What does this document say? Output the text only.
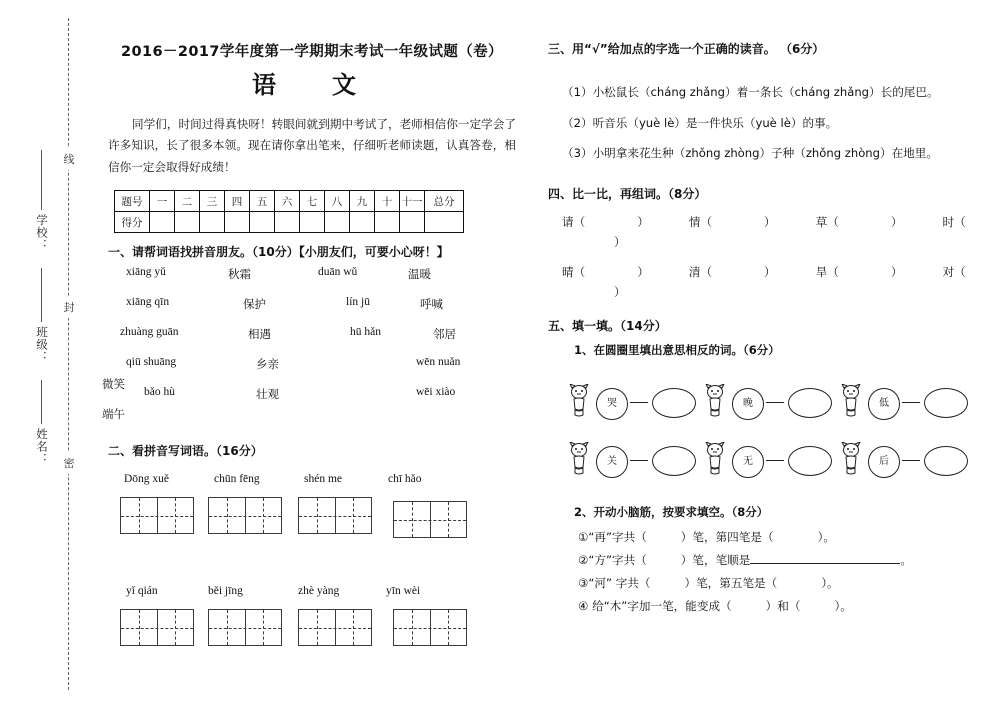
线
封
密
学校：
班级：
姓名：
2016－2017学年度第一学期期末考试一年级试题（卷）
语　文
同学们，时间过得真快呀！转眼间就到期中考试了，老师相信你一定学会了许多知识，长了很多本领。现在请你拿出笔来，仔细听老师读题，认真答卷，相信你一定会取得好成绩！
题号	一	二	三	四	五	六	七	八	九	十	十一	总分
得分												
一、请帮词语找拼音朋友。（10分）【小朋友们，可要小心呀！】
xiāng yǔ	秋霜	duān wǔ	温暖
xiāng qīn	保护	lín jū	呼喊
zhuàng guān	相遇	hū hǎn	邻居
qiū shuāng	乡亲	wēn nuǎn
微笑
bǎo hù	壮观	wēi xiào
端午
二、看拼音写词语。（16分）
Dōng xuě	chūn fēng	shén me	chī hǎo
yǐ qián	běi jīng	zhè yàng	yīn wèi
三、用“√”给加点的字选一个正确的读音。 （6分）
（1）小松鼠长（cháng zhǎng）着一条长（cháng zhǎng）长的尾巴。
（2）听音乐（yuè lè）是一件快乐（yuè lè）的事。
（3）小明拿来花生种（zhǒng zhòng）子种（zhǒng zhòng）在地里。
四、比一比，再组词。（8分）
请（	）	情（	）	草（	）	时（）
晴（	）	清（	）	旱（	）	对（）
五、填一填。（14分）
1、在圆圈里填出意思相反的词。（6分）
哭	晚	低
关	无	后
2、开动小脑筋，按要求填空。（8分）
①“再”字共（	）笔，第四笔是（	）。
②“方”字共（	）笔，笔顺是	。
③“河” 字共（	）笔，第五笔是（	）。
④ 给“木”字加一笔，能变成（	）和（	）。
